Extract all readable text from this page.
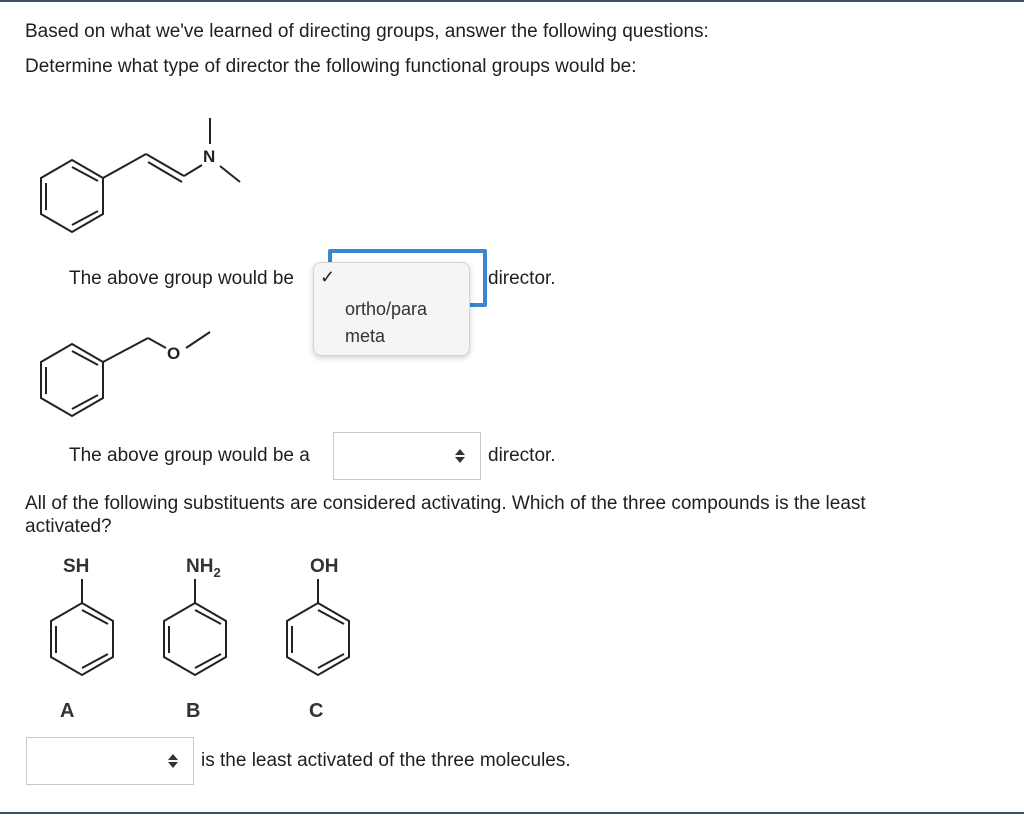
Based on what we've learned of directing groups, answer the following questions:
Determine what type of director the following functional groups would be:
N
The above group would be	director.
✓
ortho/para
meta
O
The above group would be a	director.
All of the following substituents are considered activating. Which of the three compounds is the least
activated?
SH
A
$NH_2$
B
OH
C
is the least activated of the three molecules.
